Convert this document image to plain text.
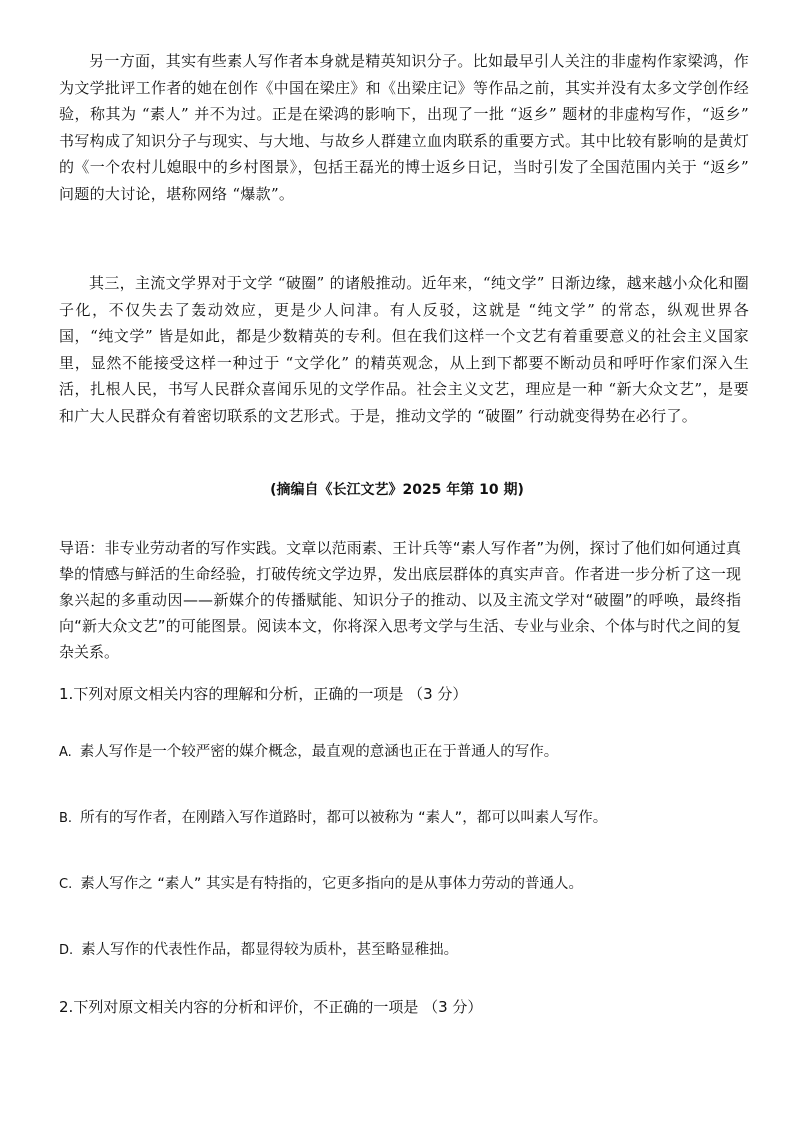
另一方面，其实有些素人写作者本身就是精英知识分子。比如最早引人关注的非虚构作家梁鸿，作为文学批评工作者的她在创作《中国在梁庄》和《出梁庄记》等作品之前，其实并没有太多文学创作经验，称其为 “素人” 并不为过。正是在梁鸿的影响下，出现了一批 “返乡” 题材的非虚构写作，“返乡” 书写构成了知识分子与现实、与大地、与故乡人群建立血肉联系的重要方式。其中比较有影响的是黄灯的《一个农村儿媳眼中的乡村图景》，包括王磊光的博士返乡日记，当时引发了全国范围内关于 “返乡” 问题的大讨论，堪称网络 “爆款”。

其三，主流文学界对于文学 “破圈” 的诸般推动。近年来，“纯文学” 日渐边缘，越来越小众化和圈子化，不仅失去了轰动效应，更是少人问津。有人反驳，这就是 “纯文学” 的常态，纵观世界各国，“纯文学” 皆是如此，都是少数精英的专利。但在我们这样一个文艺有着重要意义的社会主义国家里，显然不能接受这样一种过于 “文学化” 的精英观念，从上到下都要不断动员和呼吁作家们深入生活，扎根人民，书写人民群众喜闻乐见的文学作品。社会主义文艺，理应是一种 “新大众文艺”，是要和广大人民群众有着密切联系的文艺形式。于是，推动文学的 “破圈” 行动就变得势在必行了。

(摘编自《长江文艺》2025 年第 10 期)

导语：非专业劳动者的写作实践。文章以范雨素、王计兵等“素人写作者”为例，探讨了他们如何通过真挚的情感与鲜活的生命经验，打破传统文学边界，发出底层群体的真实声音。作者进一步分析了这一现象兴起的多重动因——新媒介的传播赋能、知识分子的推动、以及主流文学对“破圈”的呼唤，最终指向“新大众文艺”的可能图景。阅读本文，你将深入思考文学与生活、专业与业余、个体与时代之间的复杂关系。

1.下列对原文相关内容的理解和分析，正确的一项是 （3 分）

A. 素人写作是一个较严密的媒介概念，最直观的意涵也正在于普通人的写作。

B. 所有的写作者，在刚踏入写作道路时，都可以被称为 “素人”，都可以叫素人写作。

C. 素人写作之 “素人” 其实是有特指的，它更多指向的是从事体力劳动的普通人。

D. 素人写作的代表性作品，都显得较为质朴，甚至略显稚拙。

2.下列对原文相关内容的分析和评价，不正确的一项是 （3 分）
